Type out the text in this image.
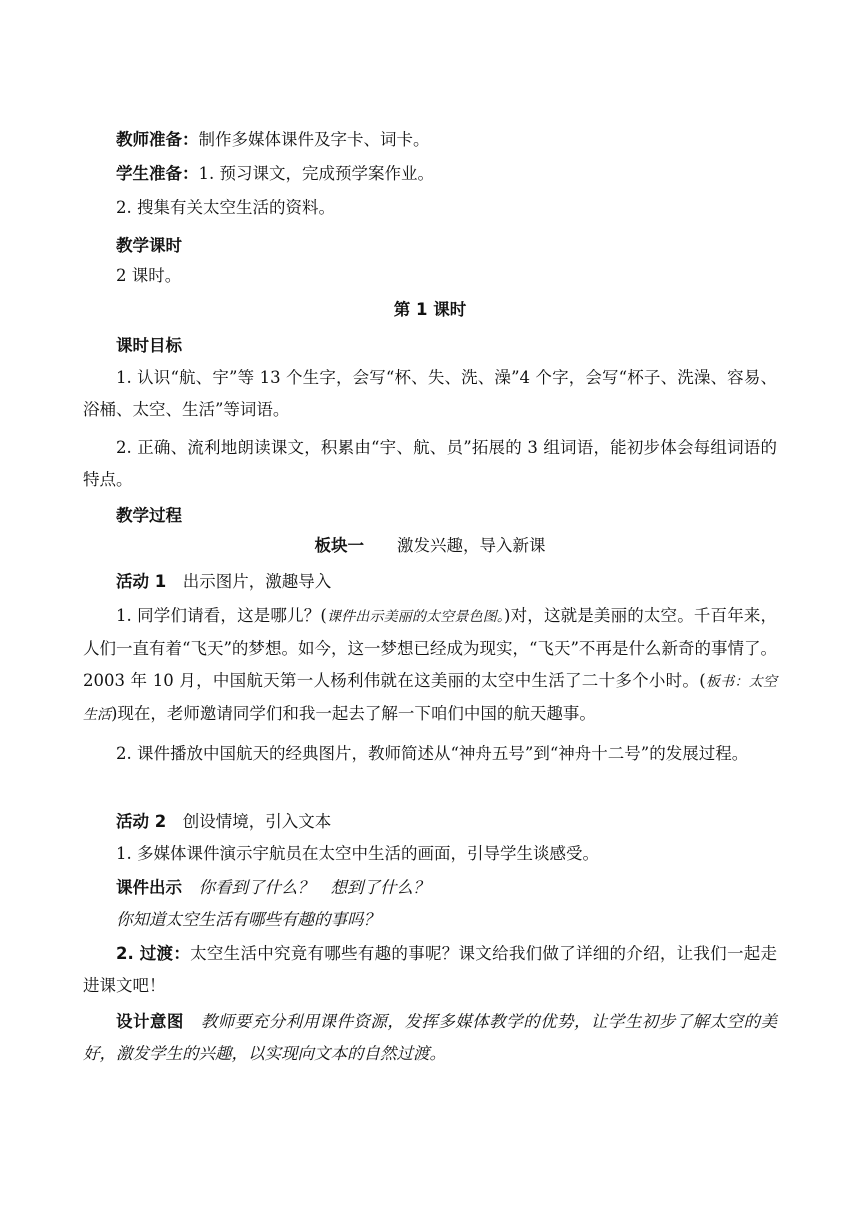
教师准备：制作多媒体课件及字卡、词卡。

学生准备：1. 预习课文，完成预学案作业。

2. 搜集有关太空生活的资料。

教学课时

2 课时。

第 1 课时

课时目标

1. 认识“航、宇”等 13 个生字，会写“杯、失、洗、澡”4 个字，会写“杯子、洗澡、容易、浴桶、太空、生活”等词语。

2. 正确、流利地朗读课文，积累由“宇、航、员”拓展的 3 组词语，能初步体会每组词语的特点。

教学过程

板块一　　 激发兴趣，导入新课

活动 1　 出示图片，激趣导入

1. 同学们请看，这是哪儿？(课件出示美丽的太空景色图。)对，这就是美丽的太空。千百年来，人们一直有着“飞天”的梦想。如今，这一梦想已经成为现实，“飞天”不再是什么新奇的事情了。2003 年 10 月，中国航天第一人杨利伟就在这美丽的太空中生活了二十多个小时。(板书：太空生活)现在，老师邀请同学们和我一起去了解一下咱们中国的航天趣事。

2. 课件播放中国航天的经典图片，教师简述从“神舟五号”到“神舟十二号”的发展过程。

活动 2　 创设情境，引入文本

1. 多媒体课件演示宇航员在太空中生活的画面，引导学生谈感受。

课件出示　 你看到了什么？　想到了什么？

你知道太空生活有哪些有趣的事吗？

2. 过渡：太空生活中究竟有哪些有趣的事呢？课文给我们做了详细的介绍，让我们一起走进课文吧！

设计意图　 教师要充分利用课件资源，发挥多媒体教学的优势，让学生初步了解太空的美好，激发学生的兴趣，以实现向文本的自然过渡。
